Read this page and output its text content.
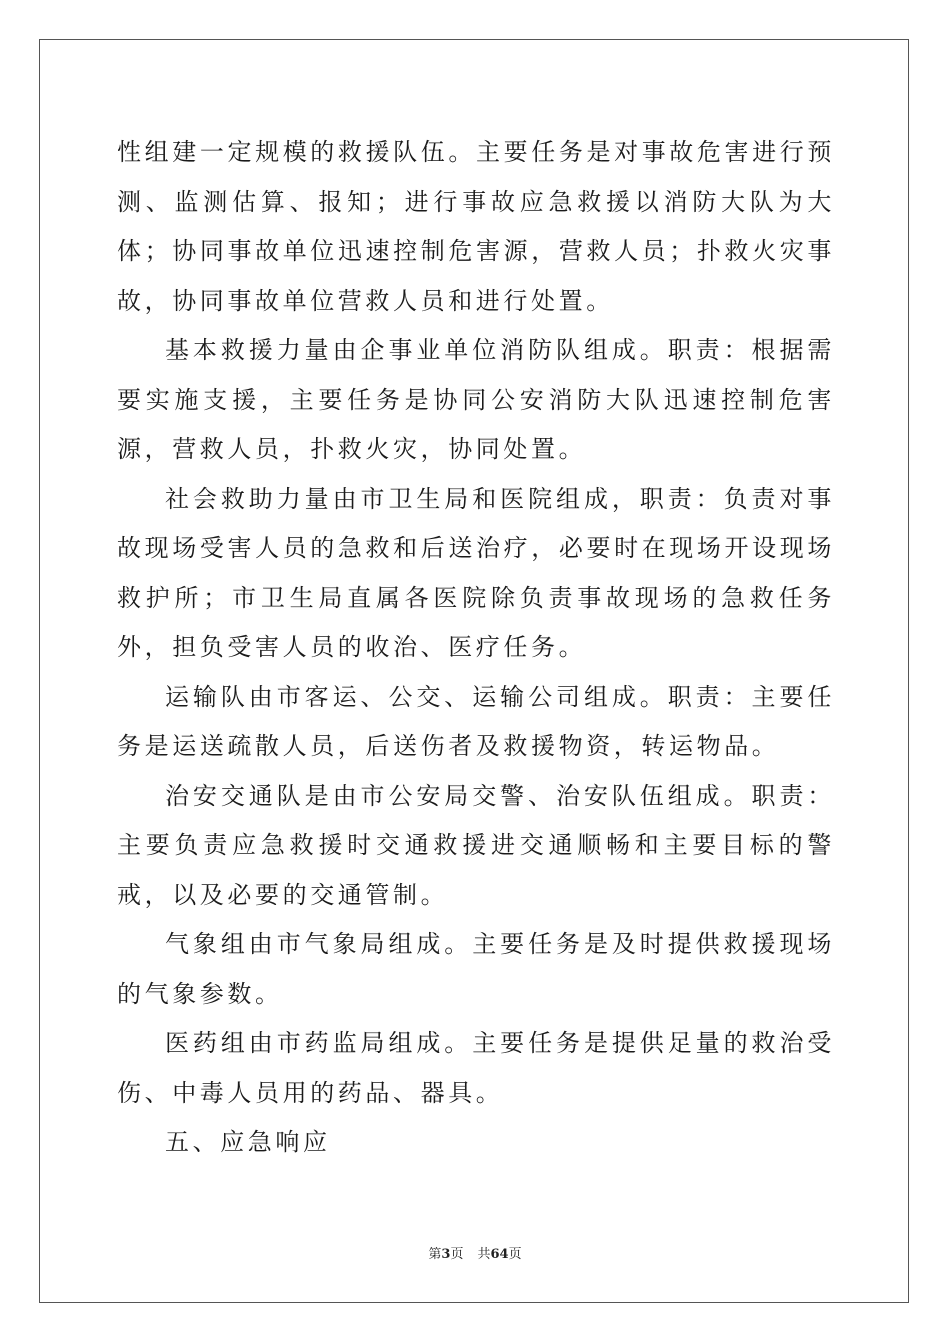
性组建一定规模的救援队伍。主要任务是对事故危害进行预测、监测估算、报知；进行事故应急救援以消防大队为大体；协同事故单位迅速控制危害源，营救人员；扑救火灾事故，协同事故单位营救人员和进行处置。

基本救援力量由企事业单位消防队组成。职责：根据需要实施支援，主要任务是协同公安消防大队迅速控制危害源，营救人员，扑救火灾，协同处置。

社会救助力量由市卫生局和医院组成，职责：负责对事故现场受害人员的急救和后送治疗，必要时在现场开设现场救护所；市卫生局直属各医院除负责事故现场的急救任务外，担负受害人员的收治、医疗任务。

运输队由市客运、公交、运输公司组成。职责：主要任务是运送疏散人员，后送伤者及救援物资，转运物品。

治安交通队是由市公安局交警、治安队伍组成。职责：主要负责应急救援时交通救援进交通顺畅和主要目标的警戒，以及必要的交通管制。

气象组由市气象局组成。主要任务是及时提供救援现场的气象参数。

医药组由市药监局组成。主要任务是提供足量的救治受伤、中毒人员用的药品、器具。

五、应急响应

第3页 共64页
